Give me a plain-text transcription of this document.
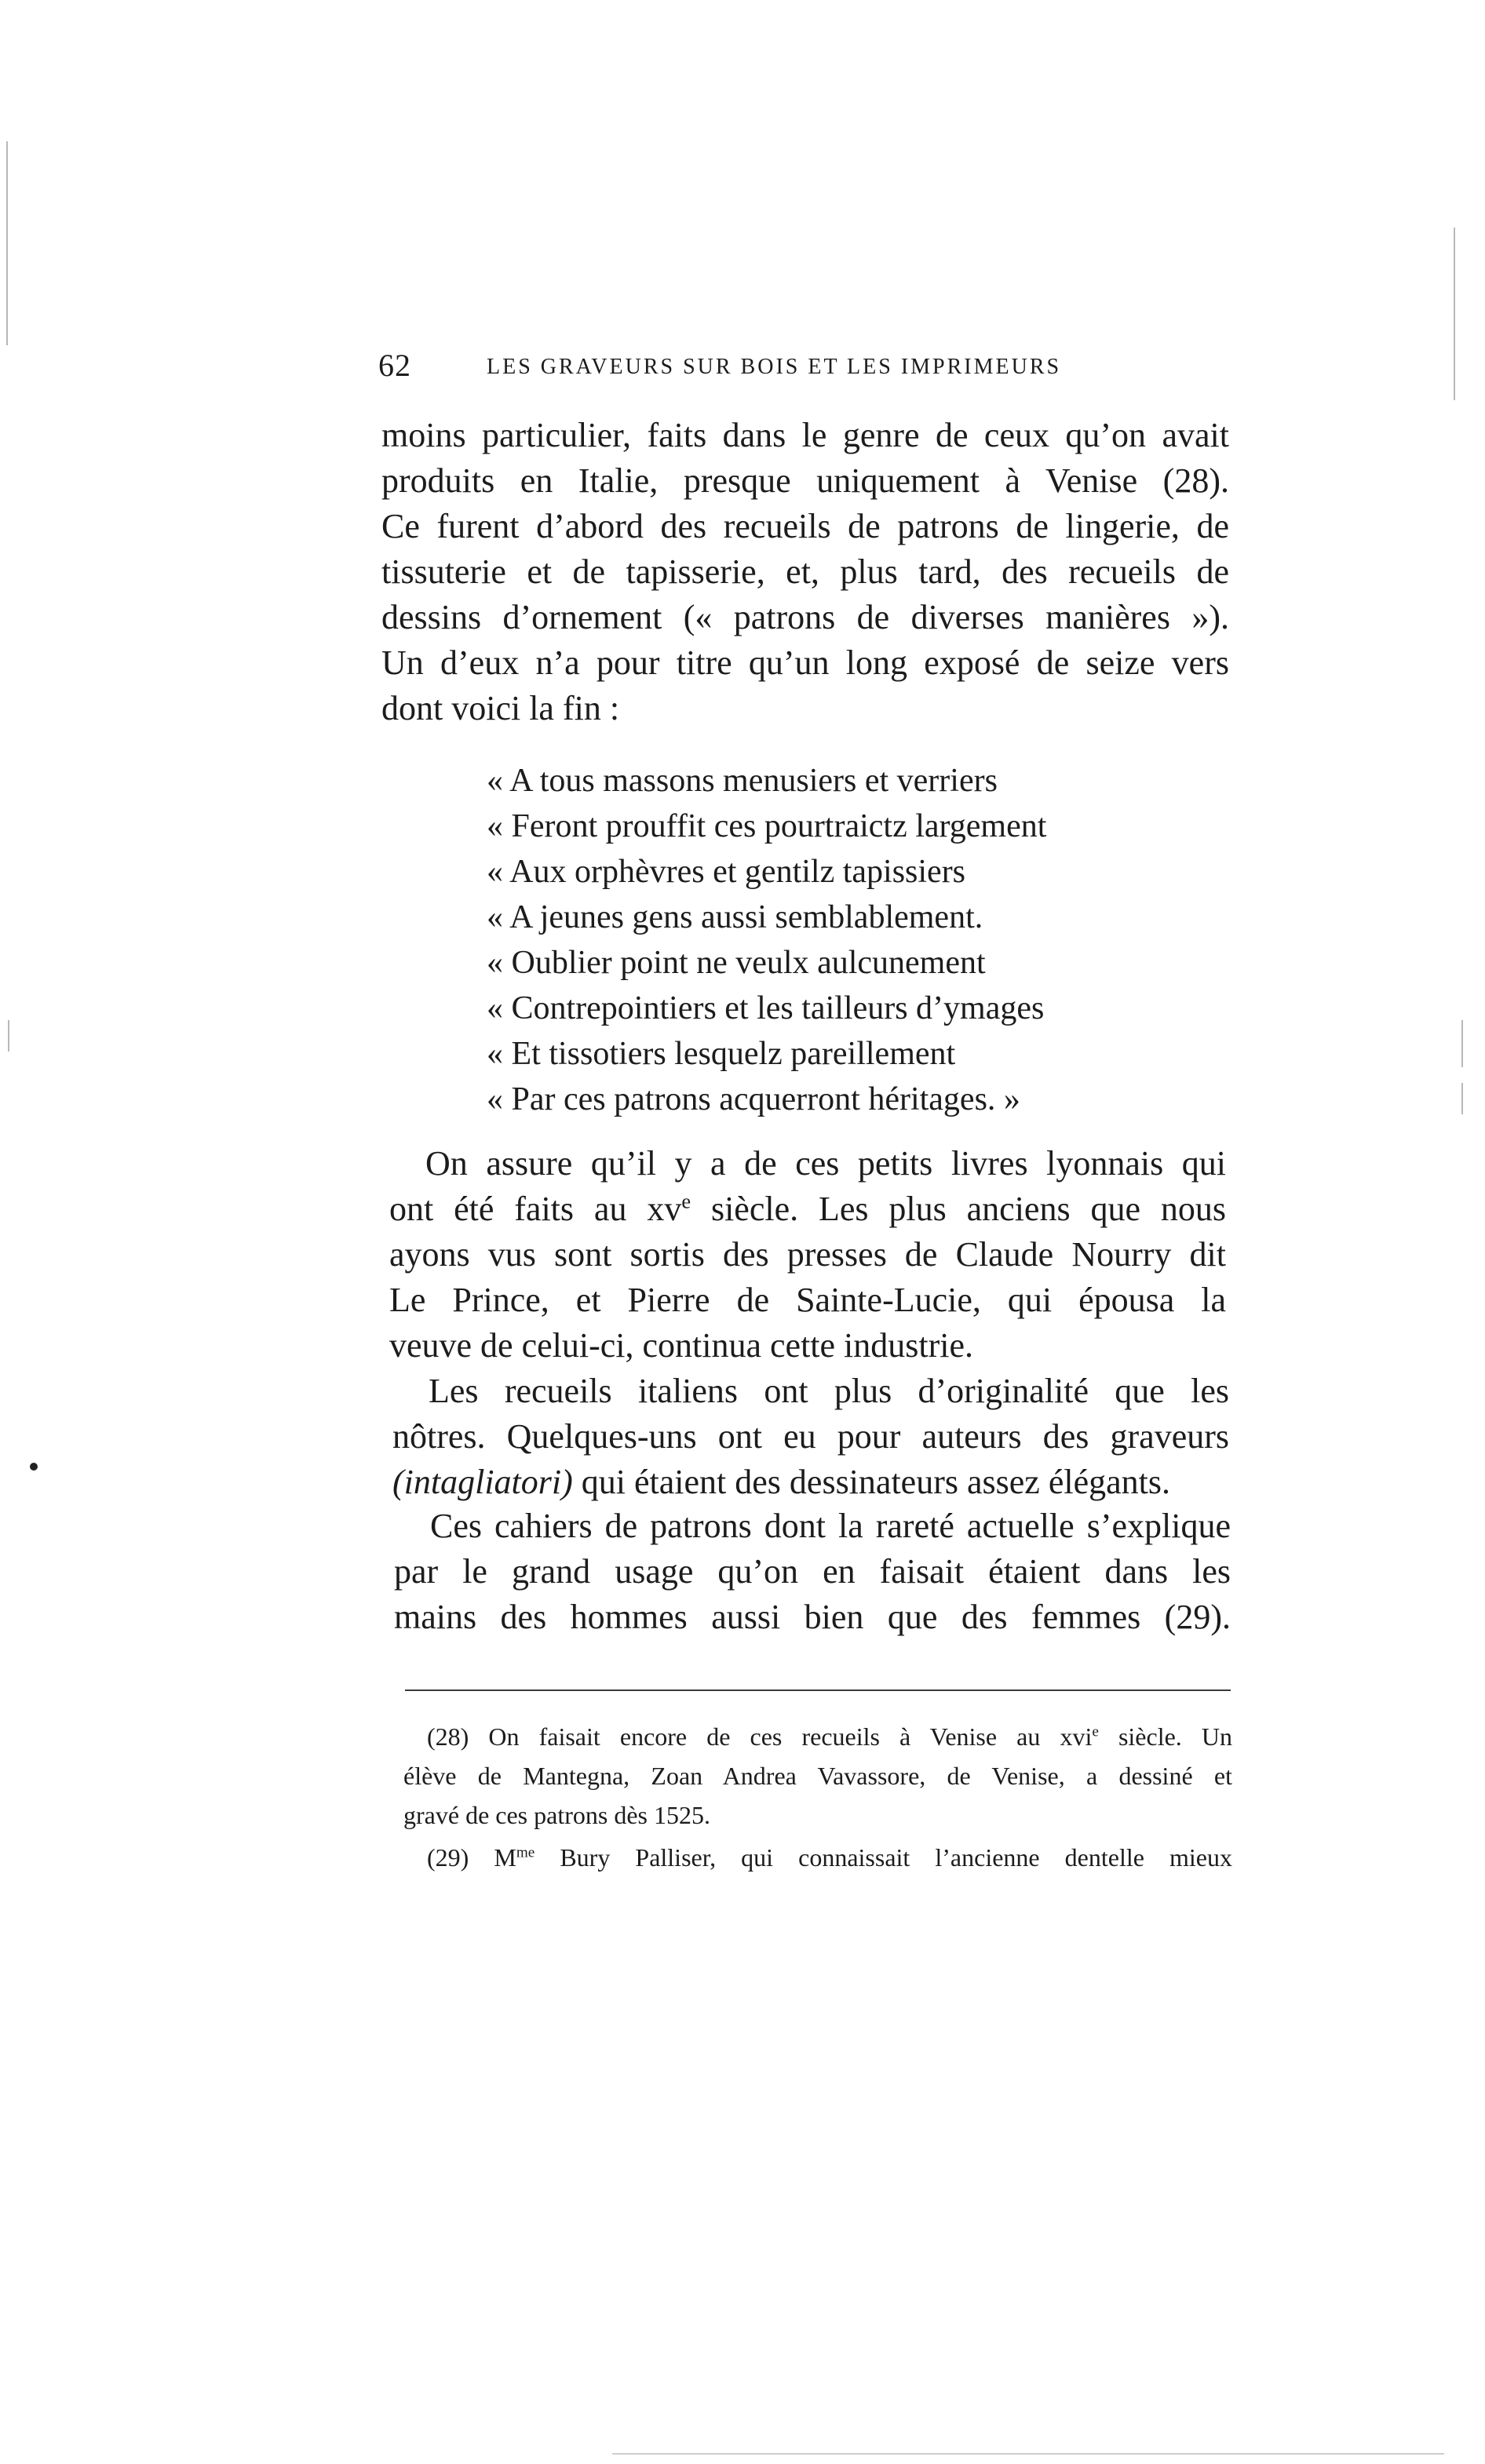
62	LES GRAVEURS SUR BOIS ET LES IMPRIMEURS
moins particulier, faits dans le genre de ceux qu’on avait
produits en Italie, presque uniquement à Venise (28).
Ce furent d’abord des recueils de patrons de lingerie, de
tissuterie et de tapisserie, et, plus tard, des recueils de
dessins d’ornement (« patrons de diverses manières »).
Un d’eux n’a pour titre qu’un long exposé de seize vers
dont voici la fin :
« A tous massons menusiers et verriers
« Feront prouffit ces pourtraictz largement
« Aux orphèvres et gentilz tapissiers
« A jeunes gens aussi semblablement.
« Oublier point ne veulx aulcunement
« Contrepointiers et les tailleurs d’ymages
« Et tissotiers lesquelz pareillement
« Par ces patrons acquerront héritages. »
On assure qu’il y a de ces petits livres lyonnais qui
ont été faits au $xv^e$ siècle. Les plus anciens que nous
ayons vus sont sortis des presses de Claude Nourry dit
Le Prince, et Pierre de Sainte-Lucie, qui épousa la
veuve de celui-ci, continua cette industrie.
Les recueils italiens ont plus d’originalité que les
nôtres. Quelques-uns ont eu pour auteurs des graveurs
(intagliatori) qui étaient des dessinateurs assez élégants.
Ces cahiers de patrons dont la rareté actuelle s’explique
par le grand usage qu’on en faisait étaient dans les
mains des hommes aussi bien que des femmes (29).
(28) On faisait encore de ces recueils à Venise au xvi$^e$ siècle. Un
élève de Mantegna, Zoan Andrea Vavassore, de Venise, a dessiné et
gravé de ces patrons dès 1525.
(29) $M^{me}$ Bury Palliser, qui connaissait l’ancienne dentelle mieux
